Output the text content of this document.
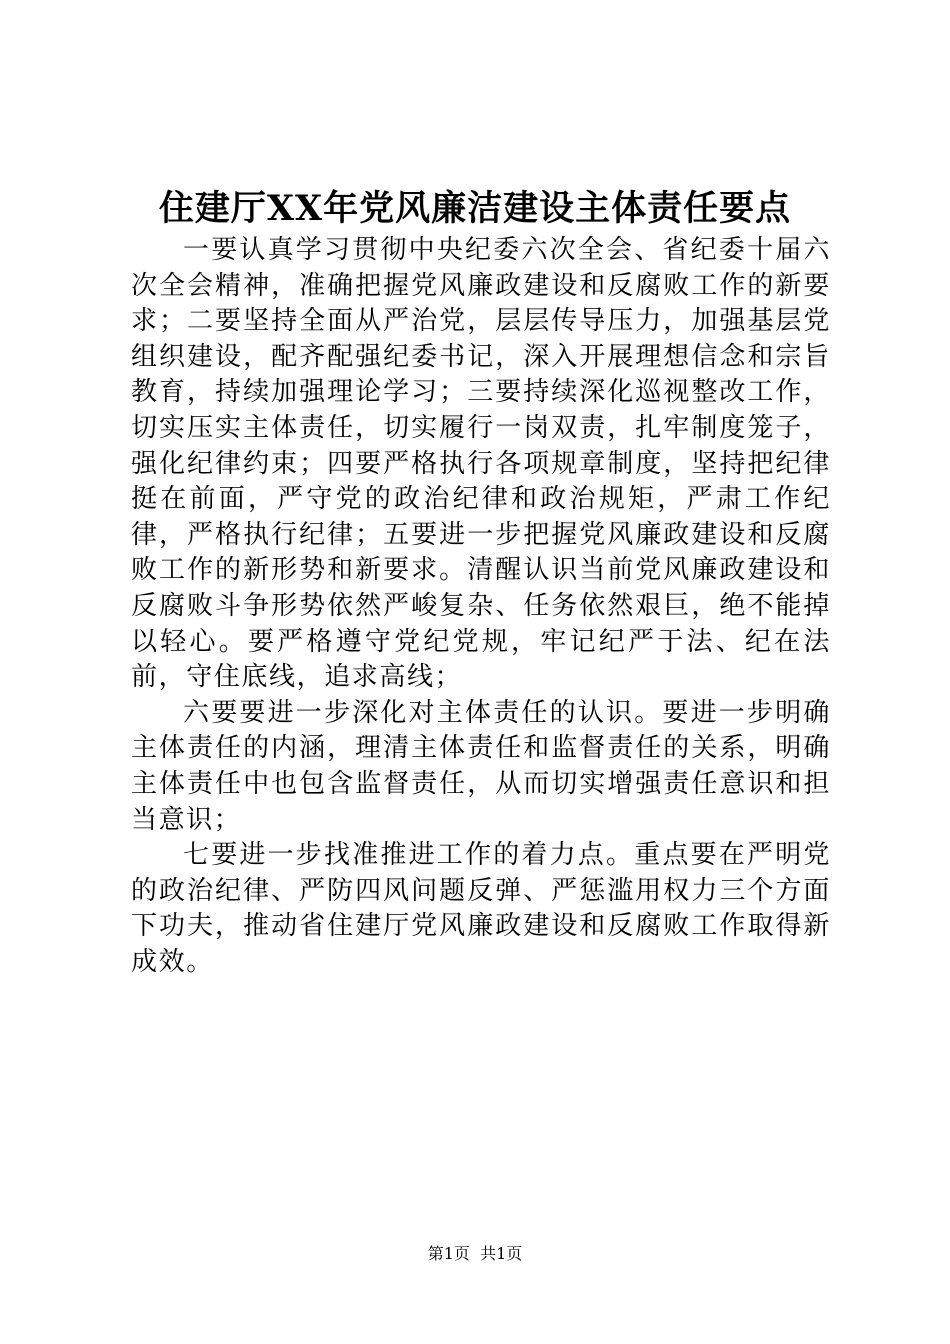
住建厅XX年党风廉洁建设主体责任要点

一要认真学习贯彻中央纪委六次全会、省纪委十届六次全会精神，准确把握党风廉政建设和反腐败工作的新要求；二要坚持全面从严治党，层层传导压力，加强基层党组织建设，配齐配强纪委书记，深入开展理想信念和宗旨教育，持续加强理论学习；三要持续深化巡视整改工作，切实压实主体责任，切实履行一岗双责，扎牢制度笼子，强化纪律约束；四要严格执行各项规章制度，坚持把纪律挺在前面，严守党的政治纪律和政治规矩，严肃工作纪律，严格执行纪律；五要进一步把握党风廉政建设和反腐败工作的新形势和新要求。清醒认识当前党风廉政建设和反腐败斗争形势依然严峻复杂、任务依然艰巨，绝不能掉以轻心。要严格遵守党纪党规，牢记纪严于法、纪在法前，守住底线，追求高线；

六要要进一步深化对主体责任的认识。要进一步明确主体责任的内涵，理清主体责任和监督责任的关系，明确主体责任中也包含监督责任，从而切实增强责任意识和担当意识；

七要进一步找准推进工作的着力点。重点要在严明党的政治纪律、严防四风问题反弹、严惩滥用权力三个方面下功夫，推动省住建厅党风廉政建设和反腐败工作取得新成效。

第1页  共1页
